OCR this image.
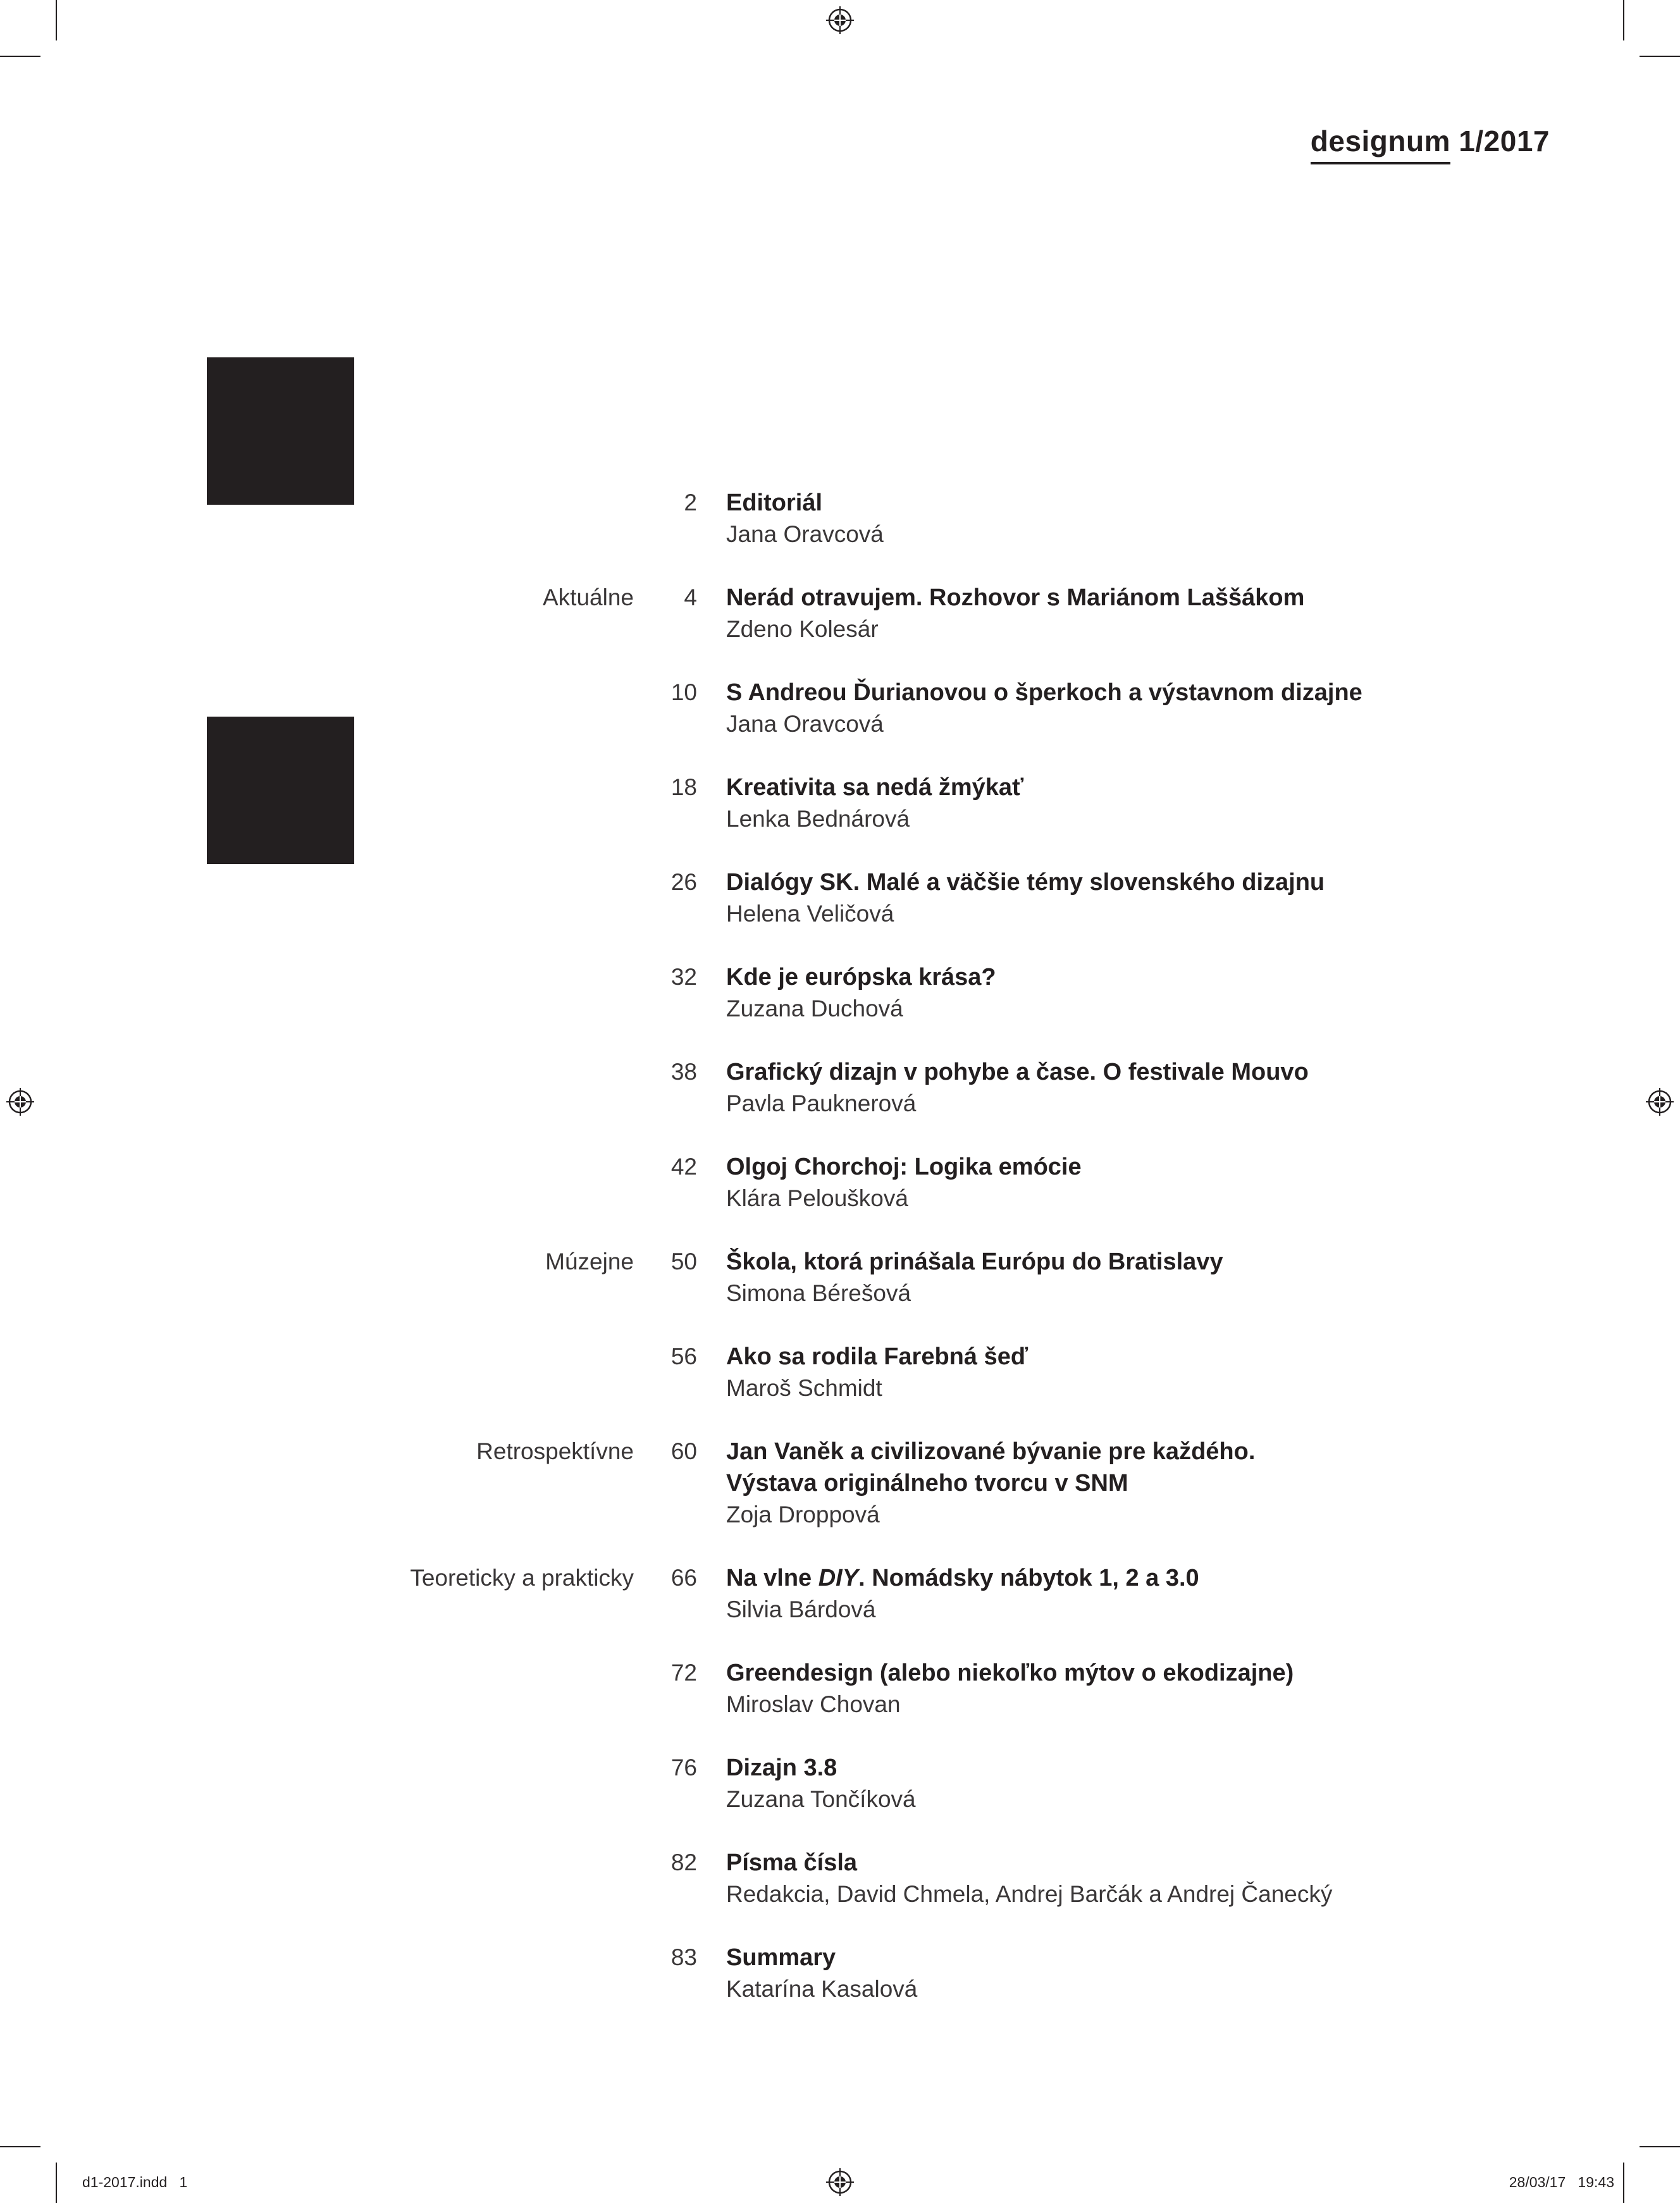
designum 1/2017
2 Editoriál
Jana Oravcová
Aktuálne	4 Nerád otravujem. Rozhovor s Mariánom Laššákom
Zdeno Kolesár
10 S Andreou Ďurianovou o šperkoch a výstavnom dizajne
Jana Oravcová
18 Kreativita sa nedá žmýkať
Lenka Bednárová
26 Dialógy SK. Malé a väčšie témy slovenského dizajnu
Helena Veličová
32 Kde je európska krása?
Zuzana Duchová
38 Grafický dizajn v pohybe a čase. O festivale Mouvo
Pavla Pauknerová
42 Olgoj Chorchoj: Logika emócie
Klára Peloušková
Múzejne	50 Škola, ktorá prinášala Európu do Bratislavy
Simona Bérešová
56 Ako sa rodila Farebná šeď
Maroš Schmidt
Retrospektívne	60 Jan Vaněk a civilizované bývanie pre každého.
Výstava originálneho tvorcu v SNM
Zoja Droppová
Teoreticky a prakticky	66 Na vlne DIY. Nomádsky nábytok 1, 2 a 3.0
Silvia Bárdová
72 Greendesign (alebo niekoľko mýtov o ekodizajne)
Miroslav Chovan
76 Dizajn 3.8
Zuzana Tončíková
82 Písma čísla
Redakcia, David Chmela, Andrej Barčák a Andrej Čanecký
83 Summary
Katarína Kasalová
d1-2017.indd   1	28/03/17   19:43
